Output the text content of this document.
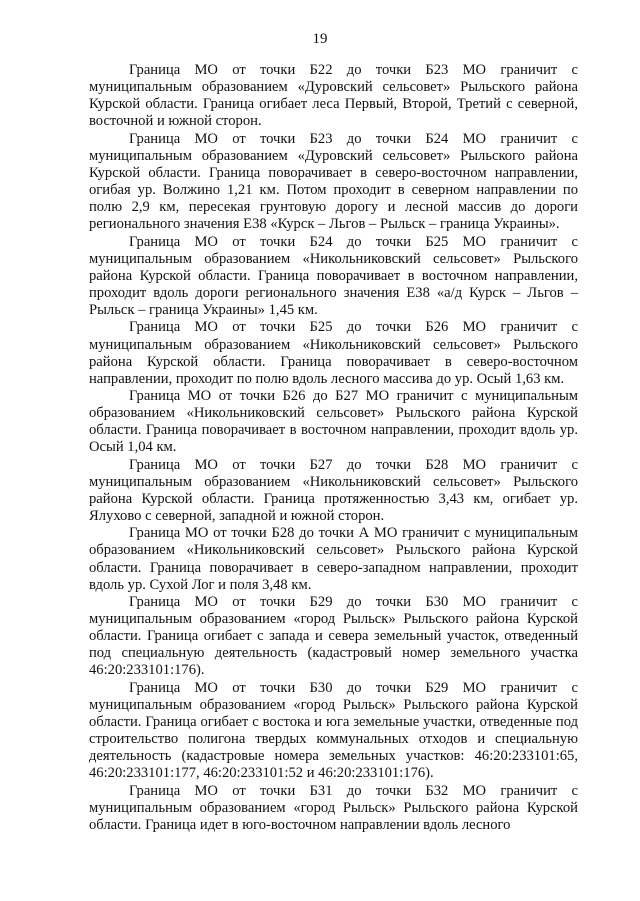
19

Граница МО от точки Б22 до точки Б23 МО граничит с муниципальным образованием «Дуровский сельсовет» Рыльского района Курской области. Граница огибает леса Первый, Второй, Третий с северной, восточной и южной сторон.

Граница МО от точки Б23 до точки Б24 МО граничит с муниципальным образованием «Дуровский сельсовет» Рыльского района Курской области. Граница поворачивает в северо-восточном направлении, огибая ур. Волжино 1,21 км. Потом проходит в северном направлении по полю 2,9 км, пересекая грунтовую дорогу и лесной массив до дороги регионального значения Е38 «Курск – Льгов – Рыльск – граница Украины».

Граница МО от точки Б24 до точки Б25 МО граничит с муниципальным образованием «Никольниковский сельсовет» Рыльского района Курской области. Граница поворачивает в восточном направлении, проходит вдоль дороги регионального значения Е38 «а/д Курск – Льгов – Рыльск – граница Украины» 1,45 км.

Граница МО от точки Б25 до точки Б26 МО граничит с муниципальным образованием «Никольниковский сельсовет» Рыльского района Курской области. Граница поворачивает в северо-восточном направлении, проходит по полю вдоль лесного массива до ур. Осый 1,63 км.

Граница МО от точки Б26 до Б27 МО граничит с муниципальным образованием «Никольниковский сельсовет» Рыльского района Курской области. Граница поворачивает в восточном направлении, проходит вдоль ур. Осый 1,04 км.

Граница МО от точки Б27 до точки Б28 МО граничит с муниципальным образованием «Никольниковский сельсовет» Рыльского района Курской области. Граница протяженностью 3,43 км, огибает ур. Ялухово с северной, западной и южной сторон.

Граница МО от точки Б28 до точки А МО граничит с муниципальным образованием «Никольниковский сельсовет» Рыльского района Курской области. Граница поворачивает в северо-западном направлении, проходит вдоль ур. Сухой Лог и поля 3,48 км.

Граница МО от точки Б29 до точки Б30 МО граничит с муниципальным образованием «город Рыльск» Рыльского района Курской области. Граница огибает с запада и севера земельный участок, отведенный под специальную деятельность (кадастровый номер земельного участка 46:20:233101:176).

Граница МО от точки Б30 до точки Б29 МО граничит с муниципальным образованием «город Рыльск» Рыльского района Курской области. Граница огибает с востока и юга земельные участки, отведенные под строительство полигона твердых коммунальных отходов и специальную деятельность (кадастровые номера земельных участков: 46:20:233101:65, 46:20:233101:177, 46:20:233101:52 и 46:20:233101:176).

Граница МО от точки Б31 до точки Б32 МО граничит с муниципальным образованием «город Рыльск» Рыльского района Курской области. Граница идет в юго-восточном направлении вдоль лесного
